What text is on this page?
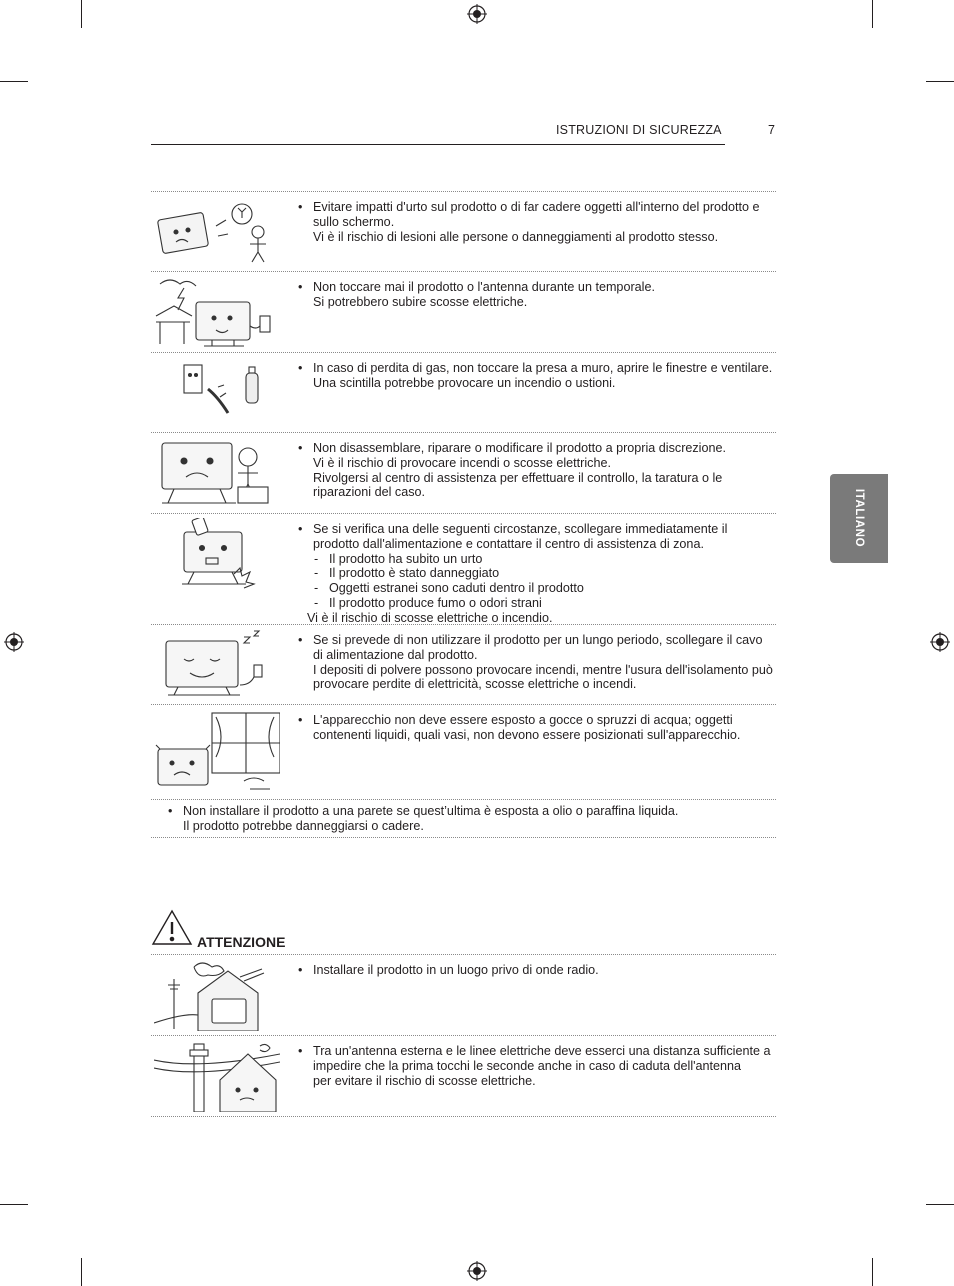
ISTRUZIONI DI SICUREZZA	7
ITALIANO
• Evitare impatti d'urto sul prodotto o di far cadere oggetti all'interno del prodotto e sullo schermo.
Vi è il rischio di lesioni alle persone o danneggiamenti al prodotto stesso.
• Non toccare mai il prodotto o l'antenna durante un temporale.
Si potrebbero subire scosse elettriche.
• In caso di perdita di gas, non toccare la presa a muro, aprire le finestre e ventilare.
Una scintilla potrebbe provocare un incendio o ustioni.
• Non disassemblare, riparare o modificare il prodotto a propria discrezione.
Vi è il rischio di provocare incendi o scosse elettriche.
Rivolgersi al centro di assistenza per effettuare il controllo, la taratura o le riparazioni del caso.
• Se si verifica una delle seguenti circostanze, scollegare immediatamente il prodotto dall'alimentazione e contattare il centro di assistenza di zona.
- Il prodotto ha subito un urto
- Il prodotto è stato danneggiato
- Oggetti estranei sono caduti dentro il prodotto
- Il prodotto produce fumo o odori strani
Vi è il rischio di scosse elettriche o incendio.
• Se si prevede di non utilizzare il prodotto per un lungo periodo, scollegare il cavo di alimentazione dal prodotto.
I depositi di polvere possono provocare incendi, mentre l'usura dell'isolamento può provocare perdite di elettricità, scosse elettriche o incendi.
• L'apparecchio non deve essere esposto a gocce o spruzzi di acqua; oggetti contenenti liquidi, quali vasi, non devono essere posizionati sull'apparecchio.
• Non installare il prodotto a una parete se quest’ultima è esposta a olio o paraffina liquida.
Il prodotto potrebbe danneggiarsi o cadere.
ATTENZIONE
• Installare il prodotto in un luogo privo di onde radio.
• Tra un'antenna esterna e le linee elettriche deve esserci una distanza sufficiente a impedire che la prima tocchi le seconde anche in caso di caduta dell'antenna
per evitare il rischio di scosse elettriche.
